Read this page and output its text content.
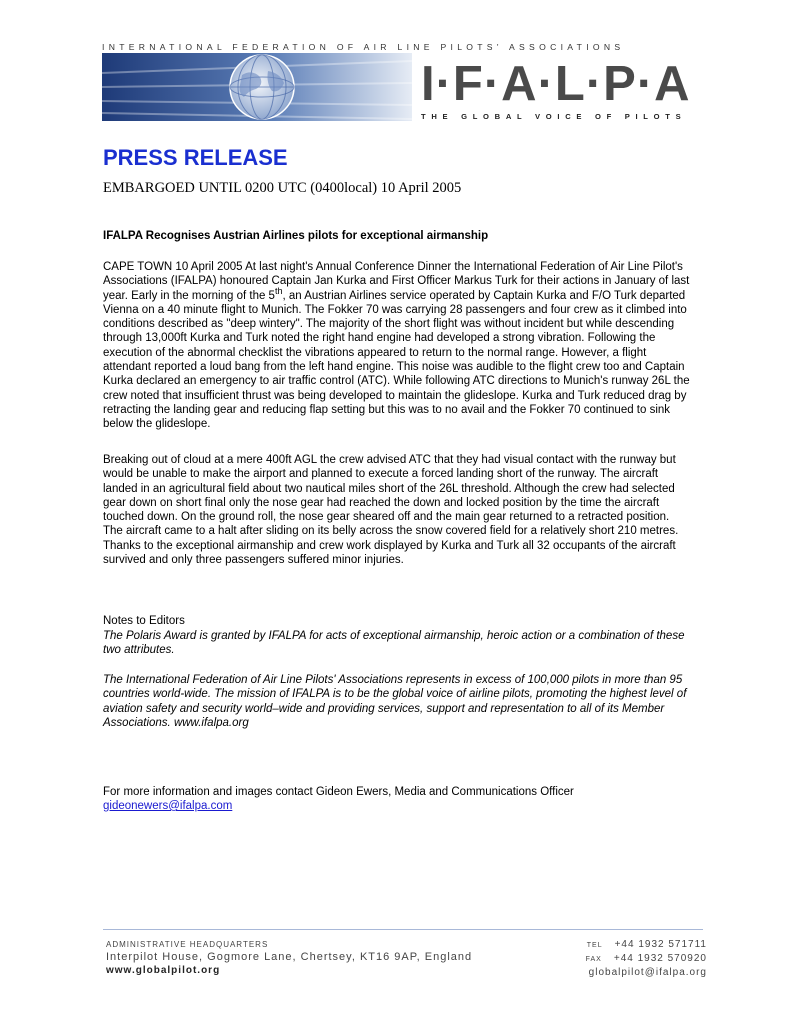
INTERNATIONAL FEDERATION OF AIR LINE PILOTS' ASSOCIATIONS
I·F·A·L·P·A
THE GLOBAL VOICE OF PILOTS
PRESS RELEASE
EMBARGOED UNTIL 0200 UTC (0400local) 10 April 2005
IFALPA Recognises Austrian Airlines pilots for exceptional airmanship
CAPE TOWN 10 April 2005 At last night's Annual Conference Dinner the International Federation of Air Line Pilot's Associations (IFALPA) honoured Captain Jan Kurka and First Officer Markus Turk for their actions in January of last year. Early in the morning of the 5th, an Austrian Airlines service operated by Captain Kurka and F/O Turk departed Vienna on a 40 minute flight to Munich. The Fokker 70 was carrying 28 passengers and four crew as it climbed into conditions described as "deep wintery". The majority of the short flight was without incident but while descending through 13,000ft Kurka and Turk noted the right hand engine had developed a strong vibration. Following the execution of the abnormal checklist the vibrations appeared to return to the normal range. However, a flight attendant reported a loud bang from the left hand engine. This noise was audible to the flight crew too and Captain Kurka declared an emergency to air traffic control (ATC). While following ATC directions to Munich's runway 26L the crew noted that insufficient thrust was being developed to maintain the glideslope. Kurka and Turk reduced drag by retracting the landing gear and reducing flap setting but this was to no avail and the Fokker 70 continued to sink below the glideslope.
Breaking out of cloud at a mere 400ft AGL the crew advised ATC that they had visual contact with the runway but would be unable to make the airport and planned to execute a forced landing short of the runway. The aircraft landed in an agricultural field about two nautical miles short of the 26L threshold. Although the crew had selected gear down on short final only the nose gear had reached the down and locked position by the time the aircraft touched down. On the ground roll, the nose gear sheared off and the main gear returned to a retracted position. The aircraft came to a halt after sliding on its belly across the snow covered field for a relatively short 210 metres. Thanks to the exceptional airmanship and crew work displayed by Kurka and Turk all 32 occupants of the aircraft survived and only three passengers suffered minor injuries.
Notes to Editors
The Polaris Award is granted by IFALPA for acts of exceptional airmanship, heroic action or a combination of these two attributes.
The International Federation of Air Line Pilots' Associations represents in excess of 100,000 pilots in more than 95 countries world-wide. The mission of IFALPA is to be the global voice of airline pilots, promoting the highest level of aviation safety and security world–wide and providing services, support and representation to all of its Member Associations. www.ifalpa.org
For more information and images contact Gideon Ewers, Media and Communications Officer
gideonewers@ifalpa.com
ADMINISTRATIVE HEADQUARTERS
Interpilot House, Gogmore Lane, Chertsey, KT16 9AP, England
www.globalpilot.org
TEL +44 1932 571711
FAX +44 1932 570920
globalpilot@ifalpa.org
